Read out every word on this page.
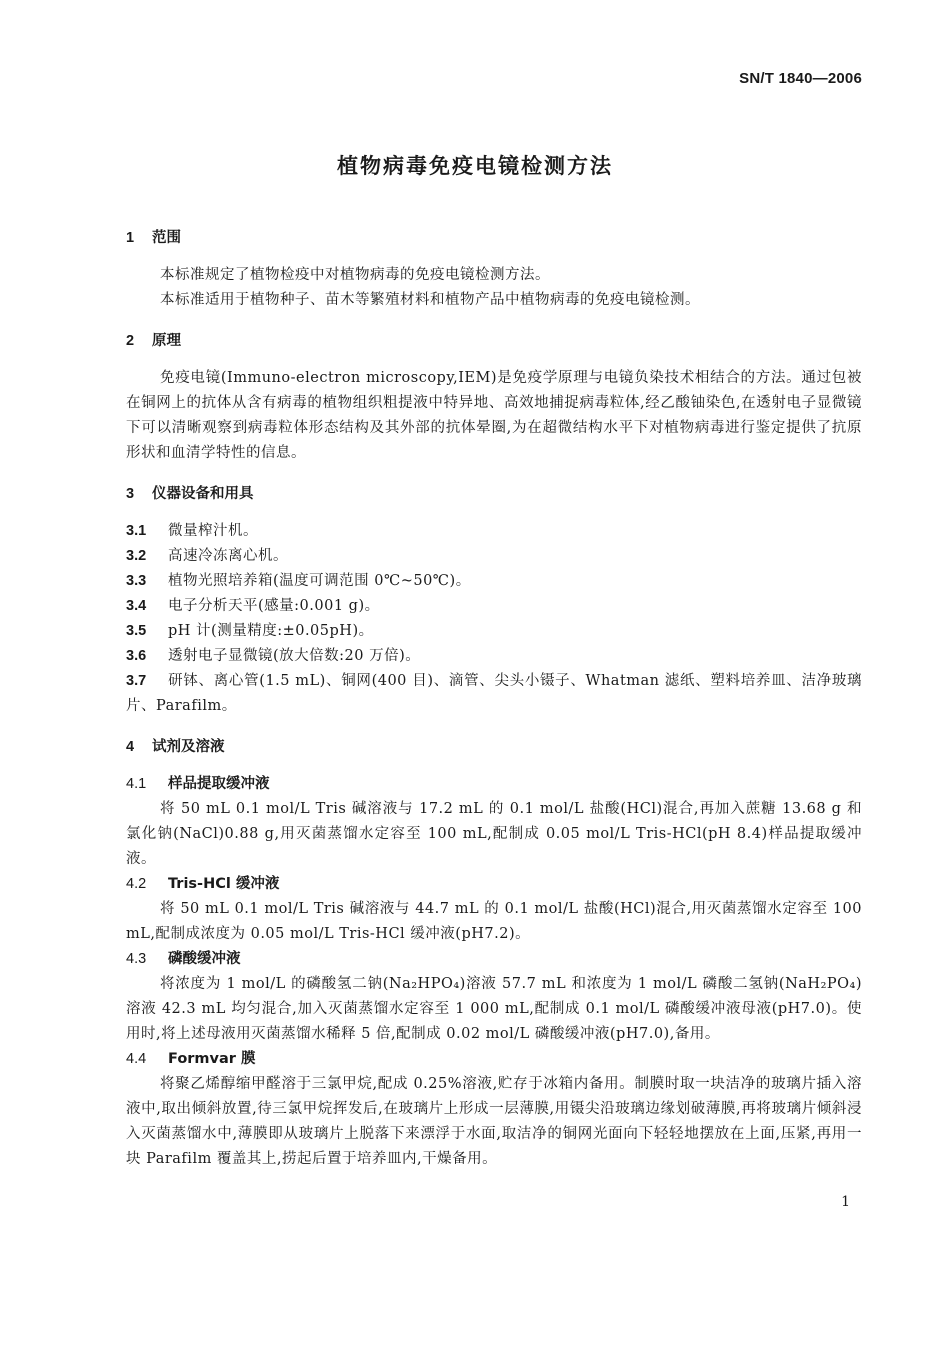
SN/T 1840—2006
植物病毒免疫电镜检测方法
1 范围

本标准规定了植物检疫中对植物病毒的免疫电镜检测方法。

本标准适用于植物种子、苗木等繁殖材料和植物产品中植物病毒的免疫电镜检测。

2 原理

免疫电镜(Immuno-electron microscopy,IEM)是免疫学原理与电镜负染技术相结合的方法。通过包被在铜网上的抗体从含有病毒的植物组织粗提液中特异地、高效地捕捉病毒粒体,经乙酸铀染色,在透射电子显微镜下可以清晰观察到病毒粒体形态结构及其外部的抗体晕圈,为在超微结构水平下对植物病毒进行鉴定提供了抗原形状和血清学特性的信息。

3 仪器设备和用具
3.1 微量榨汁机。
3.2 高速冷冻离心机。
3.3 植物光照培养箱(温度可调范围 0℃~50℃)。
3.4 电子分析天平(感量:0.001 g)。
3.5 pH 计(测量精度:±0.05pH)。
3.6 透射电子显微镜(放大倍数:20 万倍)。
3.7 研钵、离心管(1.5 mL)、铜网(400 目)、滴管、尖头小镊子、Whatman 滤纸、塑料培养皿、洁净玻璃片、Parafilm。
4 试剂及溶液
4.1 样品提取缓冲液

将 50 mL 0.1 mol/L Tris 碱溶液与 17.2 mL 的 0.1 mol/L 盐酸(HCl)混合,再加入蔗糖 13.68 g 和氯化钠(NaCl)0.88 g,用灭菌蒸馏水定容至 100 mL,配制成 0.05 mol/L Tris-HCl(pH 8.4)样品提取缓冲液。

4.2 Tris-HCl 缓冲液

将 50 mL 0.1 mol/L Tris 碱溶液与 44.7 mL 的 0.1 mol/L 盐酸(HCl)混合,用灭菌蒸馏水定容至 100 mL,配制成浓度为 0.05 mol/L Tris-HCl 缓冲液(pH7.2)。

4.3 磷酸缓冲液

将浓度为 1 mol/L 的磷酸氢二钠(Na₂HPO₄)溶液 57.7 mL 和浓度为 1 mol/L 磷酸二氢钠(NaH₂PO₄)溶液 42.3 mL 均匀混合,加入灭菌蒸馏水定容至 1 000 mL,配制成 0.1 mol/L 磷酸缓冲液母液(pH7.0)。使用时,将上述母液用灭菌蒸馏水稀释 5 倍,配制成 0.02 mol/L 磷酸缓冲液(pH7.0),备用。

4.4 Formvar 膜

将聚乙烯醇缩甲醛溶于三氯甲烷,配成 0.25%溶液,贮存于冰箱内备用。制膜时取一块洁净的玻璃片插入溶液中,取出倾斜放置,待三氯甲烷挥发后,在玻璃片上形成一层薄膜,用镊尖沿玻璃边缘划破薄膜,再将玻璃片倾斜浸入灭菌蒸馏水中,薄膜即从玻璃片上脱落下来漂浮于水面,取洁净的铜网光面向下轻轻地摆放在上面,压紧,再用一块 Parafilm 覆盖其上,捞起后置于培养皿内,干燥备用。

1
